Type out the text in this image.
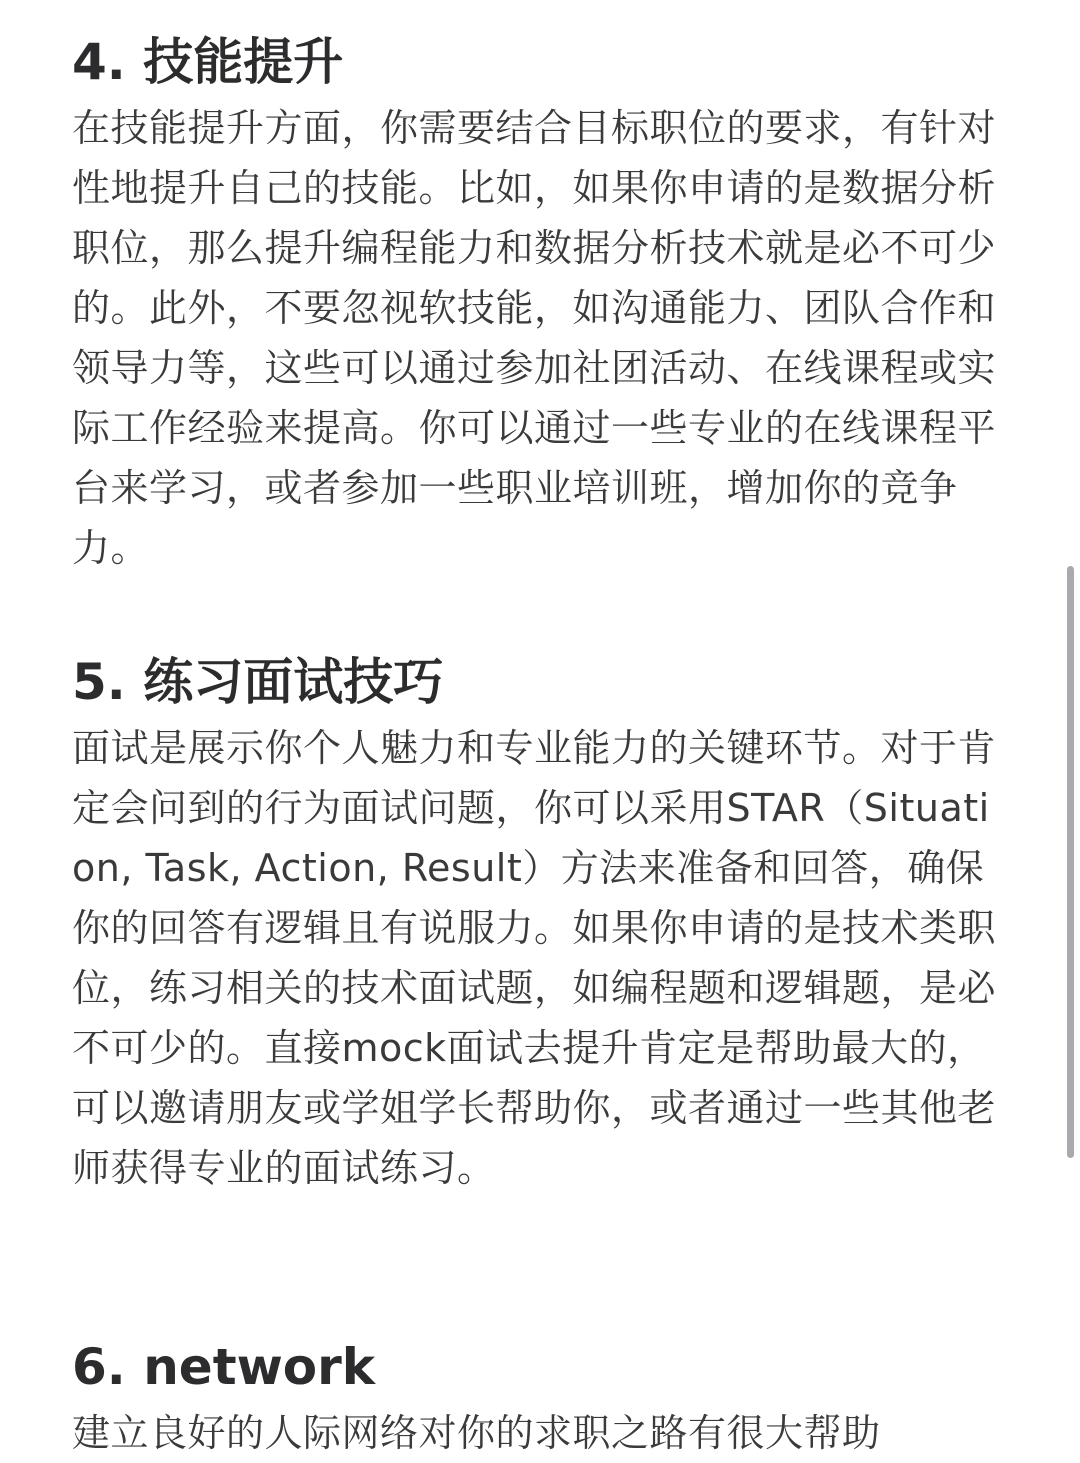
4. 技能提升

在技能提升方面，你需要结合目标职位的要求，有针对性地提升自己的技能。比如，如果你申请的是数据分析职位，那么提升编程能力和数据分析技术就是必不可少的。此外，不要忽视软技能，如沟通能力、团队合作和领导力等，这些可以通过参加社团活动、在线课程或实际工作经验来提高。你可以通过一些专业的在线课程平台来学习，或者参加一些职业培训班，增加你的竞争力。

5. 练习面试技巧

面试是展示你个人魅力和专业能力的关键环节。对于肯定会问到的行为面试问题，你可以采用STAR（Situation, Task, Action, Result）方法来准备和回答，确保你的回答有逻辑且有说服力。如果你申请的是技术类职位，练习相关的技术面试题，如编程题和逻辑题，是必不可少的。直接mock面试去提升肯定是帮助最大的，可以邀请朋友或学姐学长帮助你，或者通过一些其他老师获得专业的面试练习。

6. network

建立良好的人际网络对你的求职之路有很大帮助
